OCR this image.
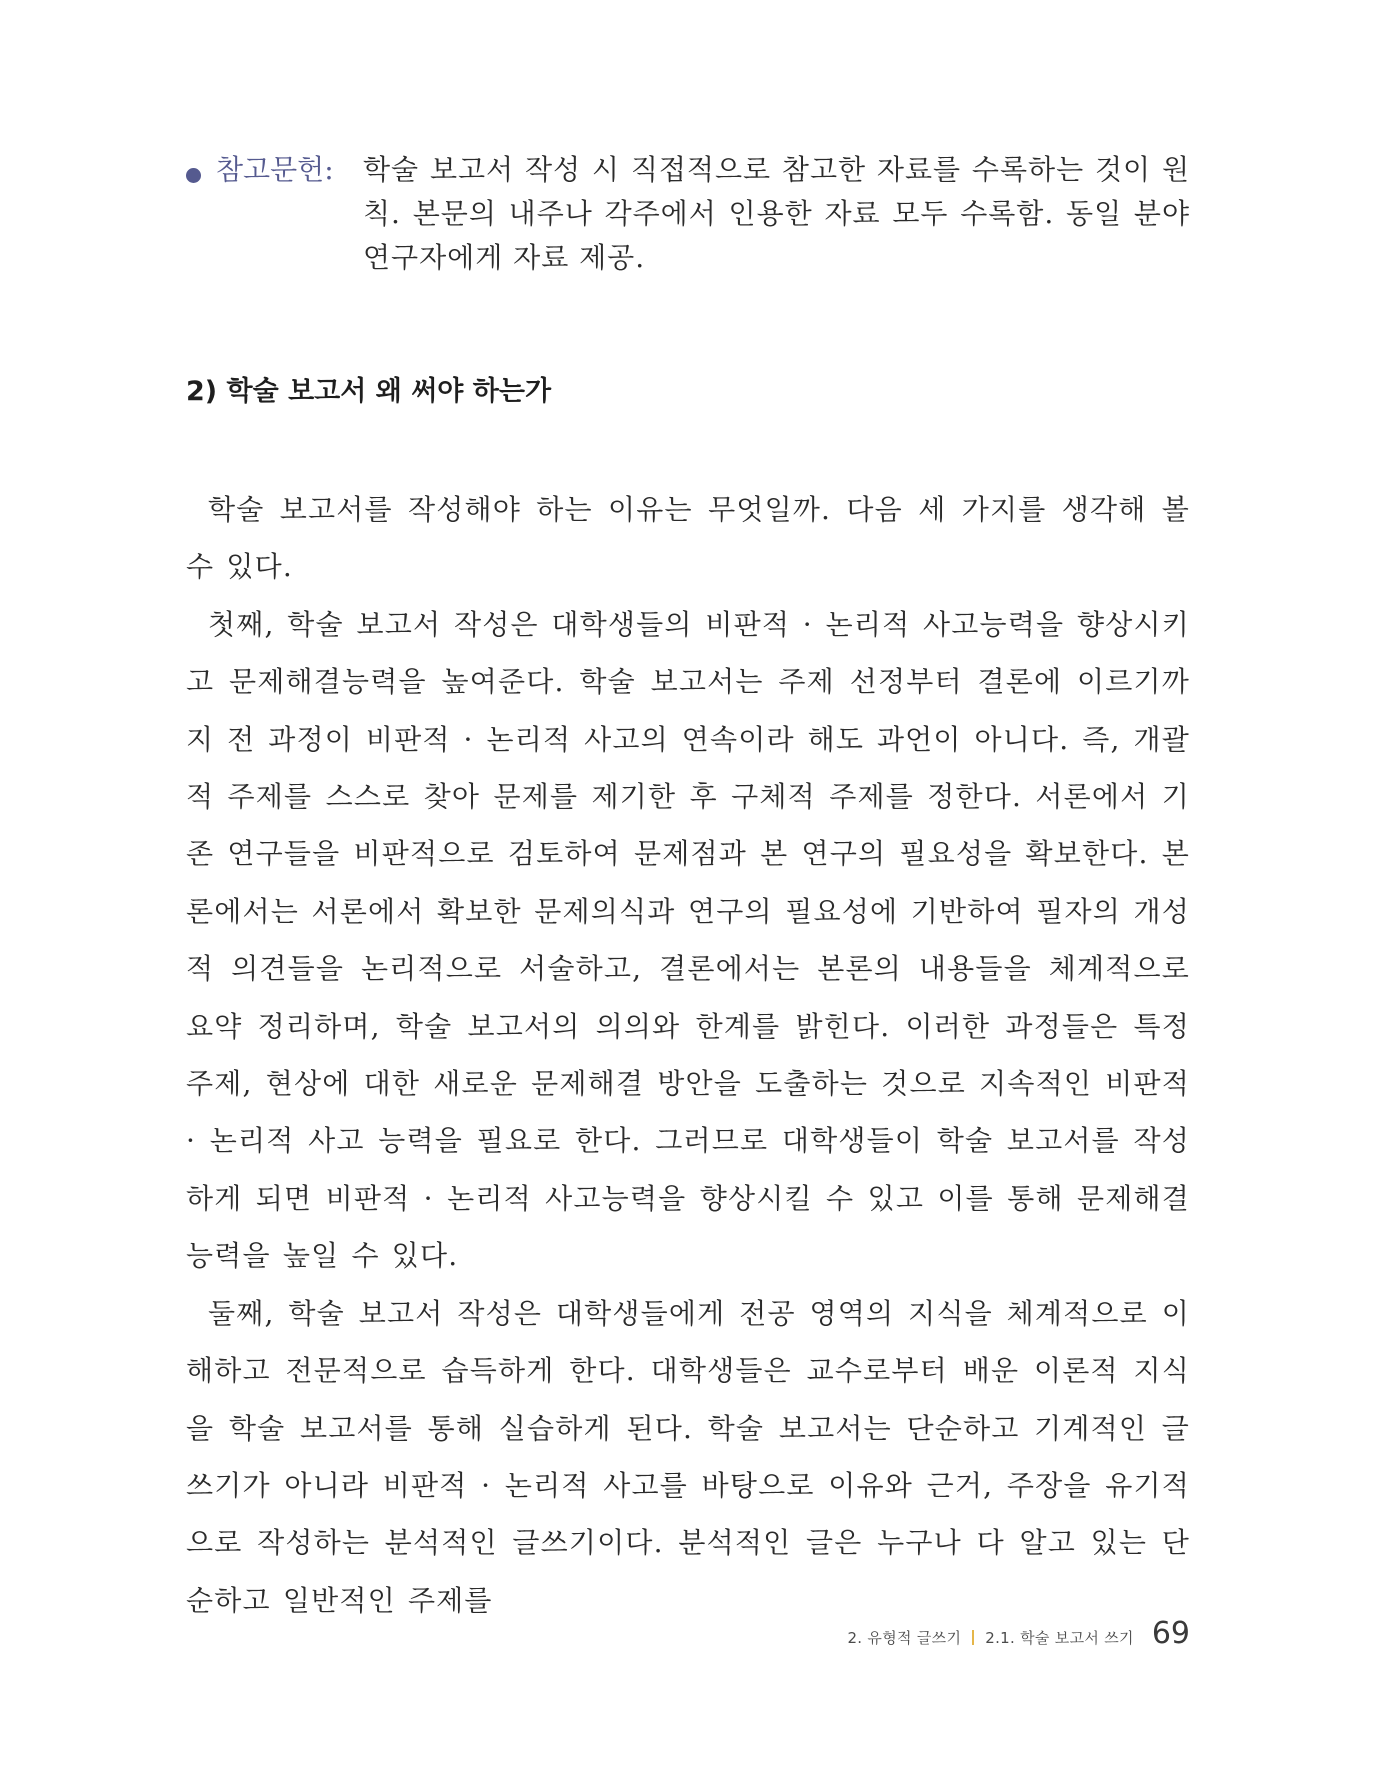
참고문헌:	학술 보고서 작성 시 직접적으로 참고한 자료를 수록하는 것이 원칙. 본문의 내주나 각주에서 인용한 자료 모두 수록함. 동일 분야 연구자에게 자료 제공.
2) 학술 보고서 왜 써야 하는가

학술 보고서를 작성해야 하는 이유는 무엇일까. 다음 세 가지를 생각해 볼 수 있다.

첫째, 학술 보고서 작성은 대학생들의 비판적 · 논리적 사고능력을 향상시키고 문제해결능력을 높여준다. 학술 보고서는 주제 선정부터 결론에 이르기까지 전 과정이 비판적 · 논리적 사고의 연속이라 해도 과언이 아니다. 즉, 개괄적 주제를 스스로 찾아 문제를 제기한 후 구체적 주제를 정한다. 서론에서 기존 연구들을 비판적으로 검토하여 문제점과 본 연구의 필요성을 확보한다. 본론에서는 서론에서 확보한 문제의식과 연구의 필요성에 기반하여 필자의 개성적 의견들을 논리적으로 서술하고, 결론에서는 본론의 내용들을 체계적으로 요약 정리하며, 학술 보고서의 의의와 한계를 밝힌다. 이러한 과정들은 특정 주제, 현상에 대한 새로운 문제해결 방안을 도출하는 것으로 지속적인 비판적 · 논리적 사고 능력을 필요로 한다. 그러므로 대학생들이 학술 보고서를 작성하게 되면 비판적 · 논리적 사고능력을 향상시킬 수 있고 이를 통해 문제해결능력을 높일 수 있다.

둘째, 학술 보고서 작성은 대학생들에게 전공 영역의 지식을 체계적으로 이해하고 전문적으로 습득하게 한다. 대학생들은 교수로부터 배운 이론적 지식을 학술 보고서를 통해 실습하게 된다. 학술 보고서는 단순하고 기계적인 글쓰기가 아니라 비판적 · 논리적 사고를 바탕으로 이유와 근거, 주장을 유기적으로 작성하는 분석적인 글쓰기이다. 분석적인 글은 누구나 다 알고 있는 단순하고 일반적인 주제를

2. 유형적 글쓰기 2.1. 학술 보고서 쓰기 69
